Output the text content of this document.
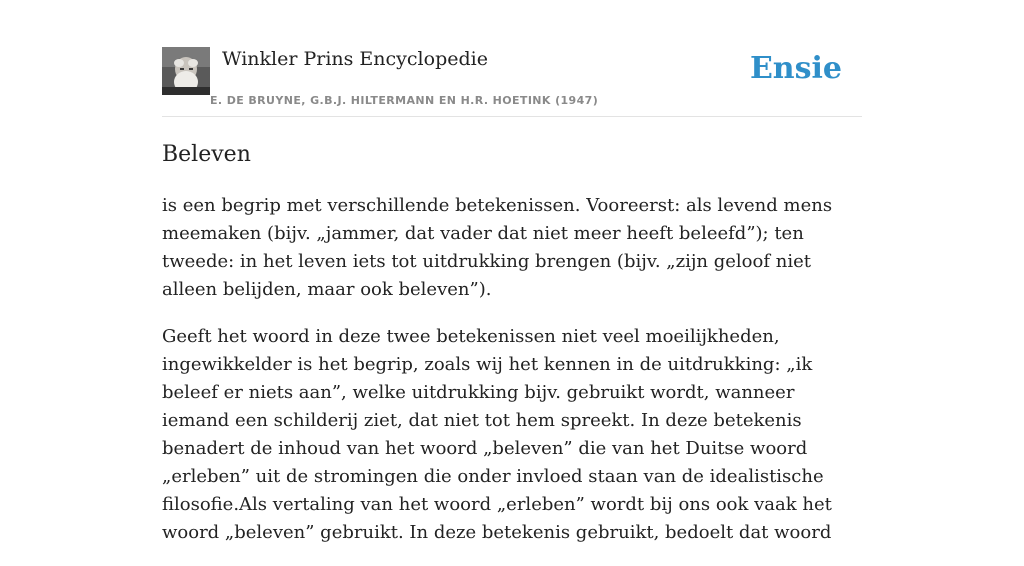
Winkler Prins Encyclopedie
E. DE BRUYNE, G.B.J. HILTERMANN EN H.R. HOETINK (1947)
Ensie
Beleven

is een begrip met verschillende betekenissen. Vooreerst: als levend mens meemaken (bijv. „jammer, dat vader dat niet meer heeft beleefd”); ten tweede: in het leven iets tot uitdrukking brengen (bijv. „zijn geloof niet alleen belijden, maar ook beleven”).

Geeft het woord in deze twee betekenissen niet veel moeilijkheden, ingewikkelder is het begrip, zoals wij het kennen in de uitdrukking: „ik beleef er niets aan”, welke uitdrukking bijv. gebruikt wordt, wanneer iemand een schilderij ziet, dat niet tot hem spreekt. In deze betekenis benadert de inhoud van het woord „beleven” die van het Duitse woord „erleben” uit de stromingen die onder invloed staan van de idealistische filosofie.Als vertaling van het woord „erleben” wordt bij ons ook vaak het woord „beleven” gebruikt. In deze betekenis gebruikt, bedoelt dat woord
